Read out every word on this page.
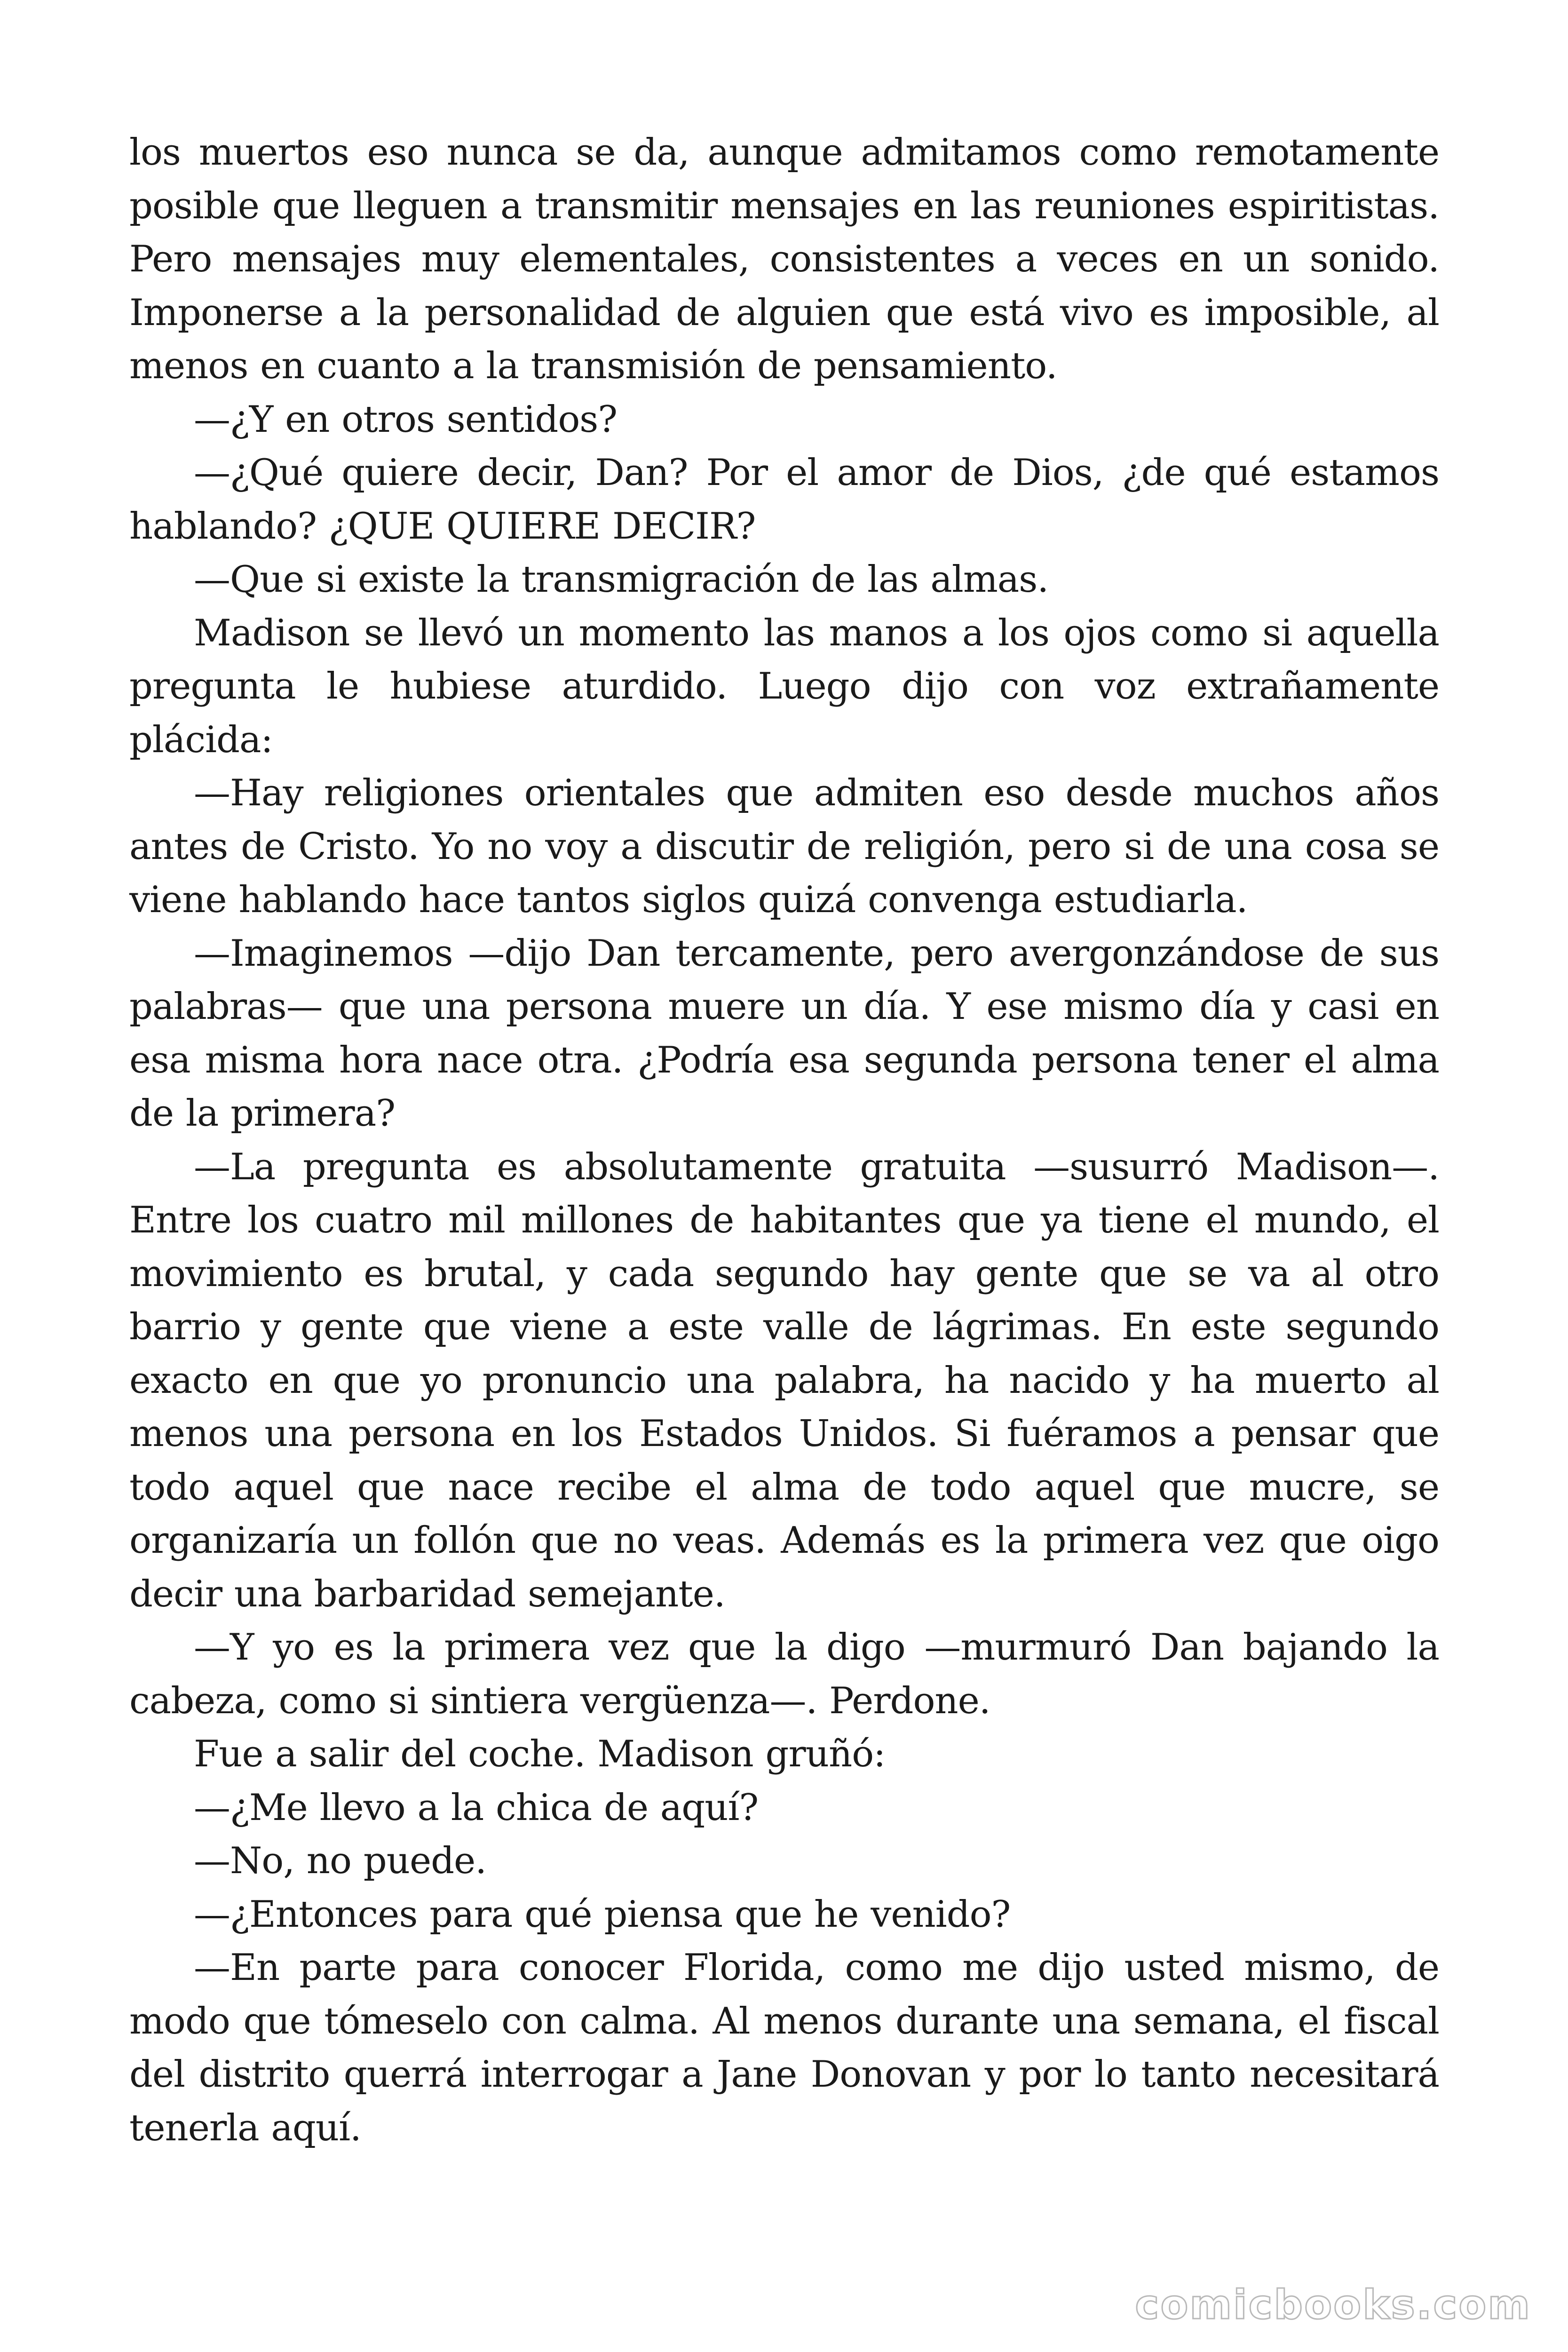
los muertos eso nunca se da, aunque admitamos como remotamente posible que lleguen a transmitir mensajes en las reuniones espiritistas. Pero mensajes muy elementales, consistentes a veces en un sonido. Imponerse a la personalidad de alguien que está vivo es imposible, al menos en cuanto a la transmisión de pensamiento.

—¿Y en otros sentidos?

—¿Qué quiere decir, Dan? Por el amor de Dios, ¿de qué estamos hablando? ¿QUE QUIERE DECIR?

—Que si existe la transmigración de las almas.

Madison se llevó un momento las manos a los ojos como si aquella pregunta le hubiese aturdido. Luego dijo con voz extrañamente plácida:

—Hay religiones orientales que admiten eso desde muchos años antes de Cristo. Yo no voy a discutir de religión, pero si de una cosa se viene hablando hace tantos siglos quizá convenga estudiarla.

—Imaginemos —dijo Dan tercamente, pero avergonzándose de sus palabras— que una persona muere un día. Y ese mismo día y casi en esa misma hora nace otra. ¿Podría esa segunda persona tener el alma de la primera?

—La pregunta es absolutamente gratuita —susurró Madison—. Entre los cuatro mil millones de habitantes que ya tiene el mundo, el movimiento es brutal, y cada segundo hay gente que se va al otro barrio y gente que viene a este valle de lágrimas. En este segundo exacto en que yo pronuncio una palabra, ha nacido y ha muerto al menos una persona en los Estados Unidos. Si fuéramos a pensar que todo aquel que nace recibe el alma de todo aquel que mucre, se organizaría un follón que no veas. Además es la primera vez que oigo decir una barbaridad semejante.

—Y yo es la primera vez que la digo —murmuró Dan bajando la cabeza, como si sintiera vergüenza—. Perdone.

Fue a salir del coche. Madison gruñó:

—¿Me llevo a la chica de aquí?

—No, no puede.

—¿Entonces para qué piensa que he venido?

—En parte para conocer Florida, como me dijo usted mismo, de modo que tómeselo con calma. Al menos durante una semana, el fiscal del distrito querrá interrogar a Jane Donovan y por lo tanto necesitará tenerla aquí.

comicbooks.com
